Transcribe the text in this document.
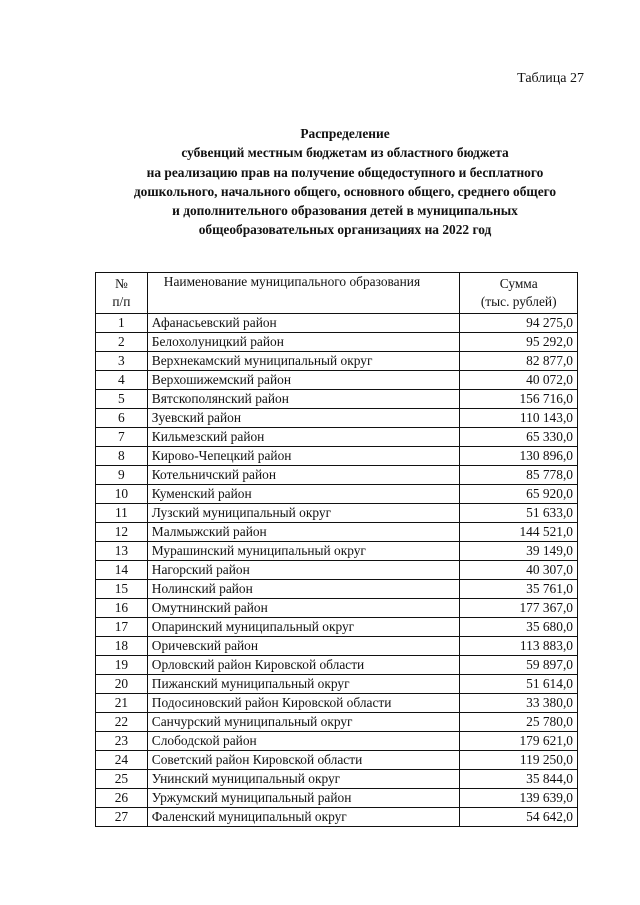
Таблица 27
Распределение
субвенций местным бюджетам из областного бюджета
на реализацию прав на получение общедоступного и бесплатного
дошкольного, начального общего, основного общего, среднего общего
и дополнительного образования детей в муниципальных
общеобразовательных организациях на 2022 год
№
п/п	Наименование муниципального образования	Сумма
(тыс. рублей)

1	Афанасьевский район	94 275,0
2	Белохолуницкий район	95 292,0
3	Верхнекамский муниципальный округ	82 877,0
4	Верхошижемский район	40 072,0
5	Вятскополянский район	156 716,0
6	Зуевский район	110 143,0
7	Кильмезский район	65 330,0
8	Кирово-Чепецкий район	130 896,0
9	Котельничский район	85 778,0
10	Куменский район	65 920,0
11	Лузский муниципальный округ	51 633,0
12	Малмыжский район	144 521,0
13	Мурашинский муниципальный округ	39 149,0
14	Нагорский район	40 307,0
15	Нолинский район	35 761,0
16	Омутнинский район	177 367,0
17	Опаринский муниципальный округ	35 680,0
18	Оричевский район	113 883,0
19	Орловский район Кировской области	59 897,0
20	Пижанский муниципальный округ	51 614,0
21	Подосиновский район Кировской области	33 380,0
22	Санчурский муниципальный округ	25 780,0
23	Слободской район	179 621,0
24	Советский район Кировской области	119 250,0
25	Унинский муниципальный округ	35 844,0
26	Уржумский муниципальный район	139 639,0
27	Фаленский муниципальный округ	54 642,0
